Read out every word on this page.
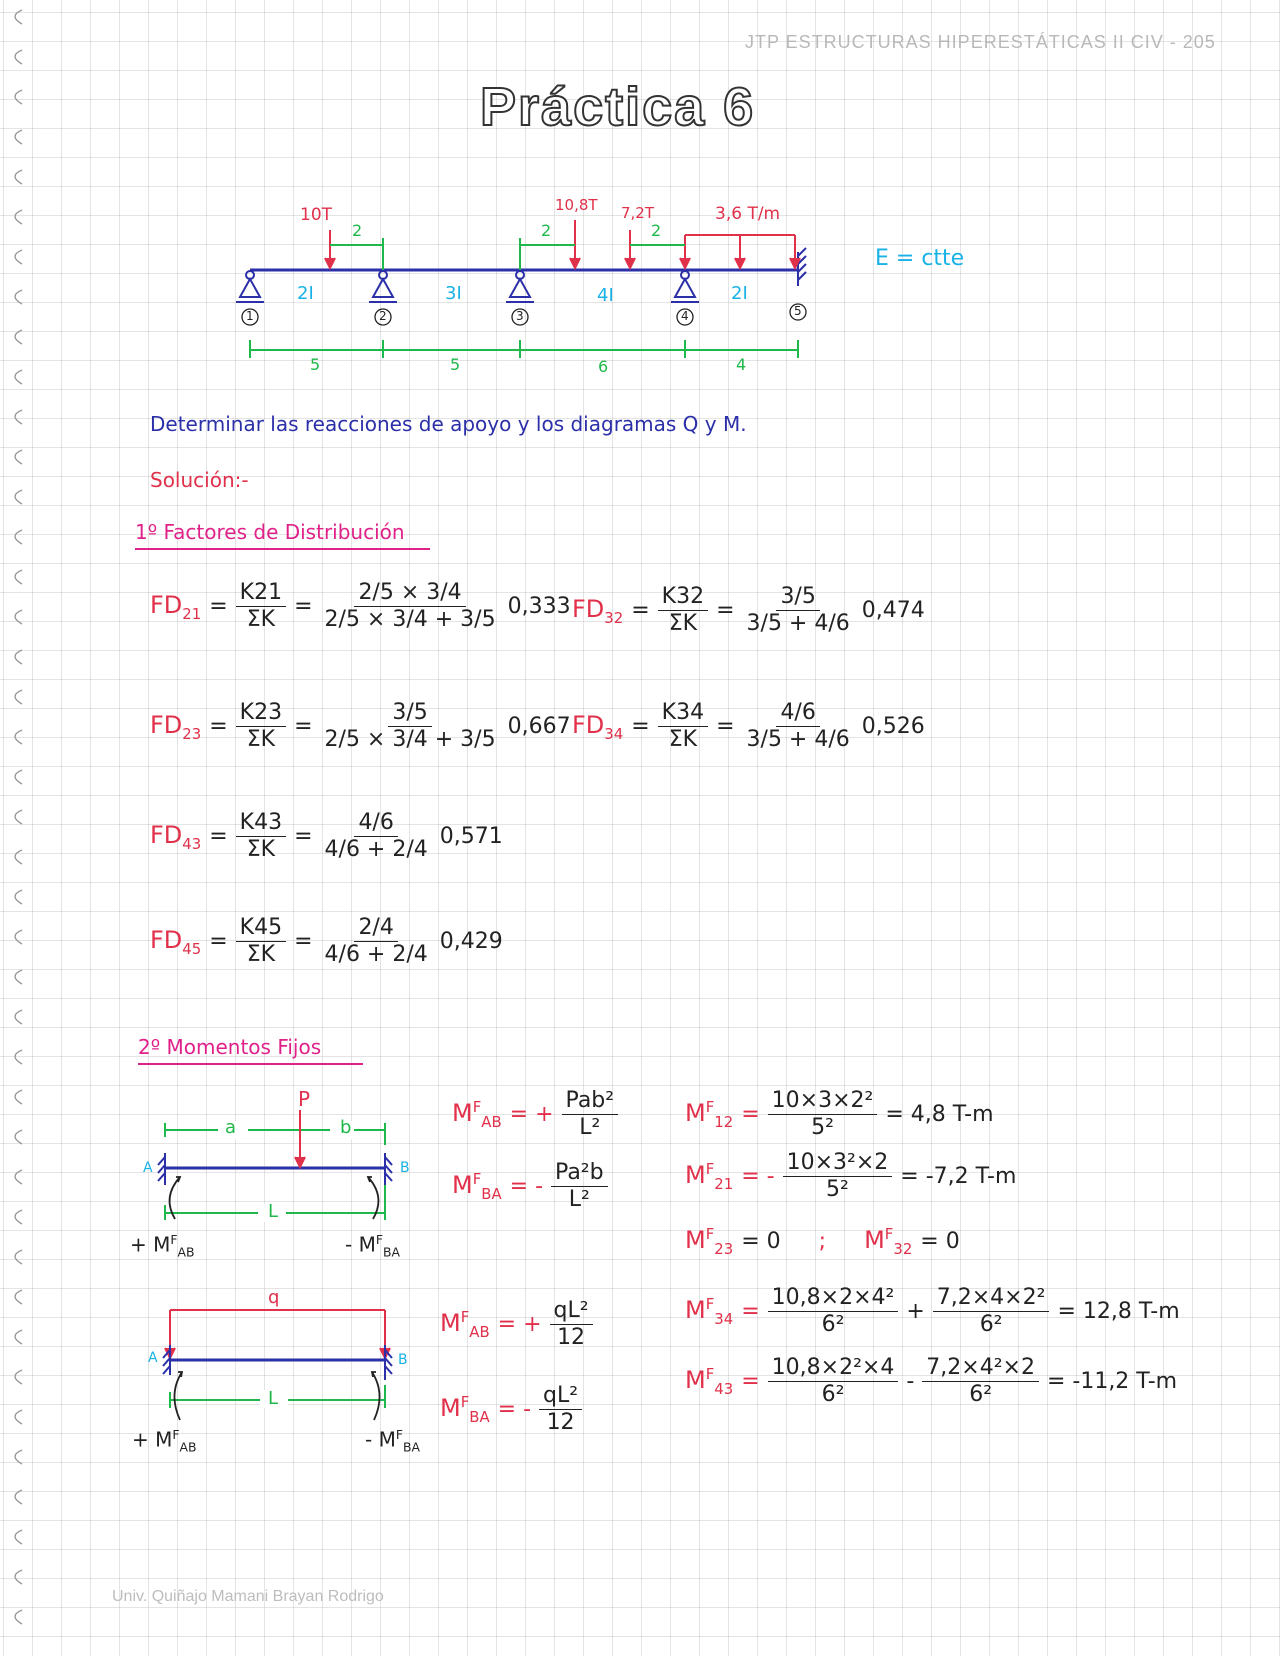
JTP ESTRUCTURAS HIPERESTÁTICAS II CIV - 205
Práctica 6
10T	10,8T 7,2T	3,6 T/m
2	2	2
2I	3I	4I	2I
1	2	3	4	5
5	5	6	4
E = ctte
Determinar las reacciones de apoyo y los diagramas Q y M.
Solución:-
1º Factores de Distribución
$FD_{21} = \frac{K21}{\Sigma K} = \frac{2/5 \times 3/4}{2/5 \times 3/4 + 3/5} 0,333$ $FD_{32} = \frac{K32}{\Sigma K} = \frac{3/5}{3/5 + 4/6} 0,474$
$FD_{23} = \frac{K23}{\Sigma K} = \frac{3/5}{2/5 \times 3/4 + 3/5} 0,667$ $FD_{34} = \frac{K34}{\Sigma K} = \frac{4/6}{3/5 + 4/6} 0,526$
$FD_{43} = \frac{K43}{\Sigma K} = \frac{4/6}{4/6 + 2/4} 0,571$
$FD_{45} = \frac{K45}{\Sigma K} = \frac{2/4}{4/6 + 2/4} 0,429$
2º Momentos Fijos
P
a	b
L
A	B
+ $M^F_{AB}$	- $M^F_{BA}$
$M^F_{AB}$ = + $\frac{\text{Pab²}}{\text{L²}}$
$M^F_{BA}$ = - $\frac{\text{Pa²b}}{\text{L²}}$
q
L
A	B
+ $M^F_{AB}$	- $M^F_{BA}$
$M^F_{AB}$ = + $\frac{\text{qL²}}{12}$
$M^F_{BA}$ = - $\frac{\text{qL²}}{12}$
$M^F_{12} = \frac{\text{10×3×2²}}{\text{5²}} = 4,8$ T-m
$M^F_{21}$ = - $\frac{\text{10×3²×2}}{\text{5²}} = -7,2$ T-m
$M^F_{23} = 0$ ; $M^F_{32} = 0$
$M^F_{34} = \frac{\text{10,8×2×4²}}{\text{6²}} + \frac{\text{7,2×4×2²}}{\text{6²}} = 12,8$ T-m
$M^F_{43} = \frac{\text{10,8×2²×4}}{\text{6²}} - \frac{\text{7,2×4²×2}}{\text{6²}} = -11,2$ T-m
Univ. Quiñajo Mamani Brayan Rodrigo
